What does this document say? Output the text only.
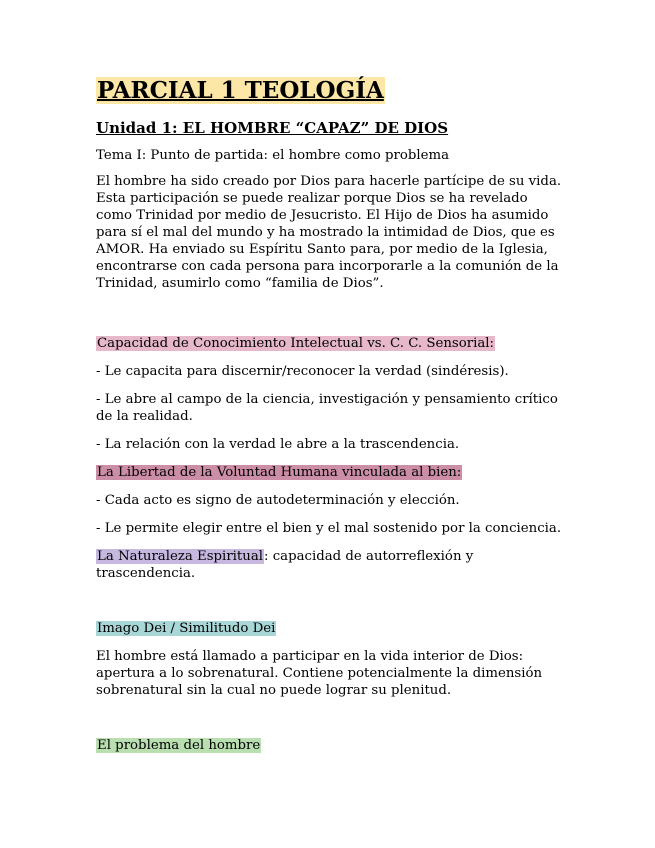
PARCIAL 1 TEOLOGÍA
Unidad 1: EL HOMBRE “CAPAZ” DE DIOS

Tema I: Punto de partida: el hombre como problema

El hombre ha sido creado por Dios para hacerle partícipe de su vida. Esta participación se puede realizar porque Dios se ha revelado como Trinidad por medio de Jesucristo. El Hijo de Dios ha asumido para sí el mal del mundo y ha mostrado la intimidad de Dios, que es AMOR. Ha enviado su Espíritu Santo para, por medio de la Iglesia, encontrarse con cada persona para incorporarle a la comunión de la Trinidad, asumirlo como “familia de Dios”.

Capacidad de Conocimiento Intelectual vs. C. C. Sensorial:

- Le capacita para discernir/reconocer la verdad (sindéresis).

- Le abre al campo de la ciencia, investigación y pensamiento crítico de la realidad.

- La relación con la verdad le abre a la trascendencia.

La Libertad de la Voluntad Humana vinculada al bien:

- Cada acto es signo de autodeterminación y elección.

- Le permite elegir entre el bien y el mal sostenido por la conciencia.

La Naturaleza Espiritual: capacidad de autorreflexión y trascendencia.

Imago Dei / Similitudo Dei

El hombre está llamado a participar en la vida interior de Dios: apertura a lo sobrenatural. Contiene potencialmente la dimensión sobrenatural sin la cual no puede lograr su plenitud.

El problema del hombre
